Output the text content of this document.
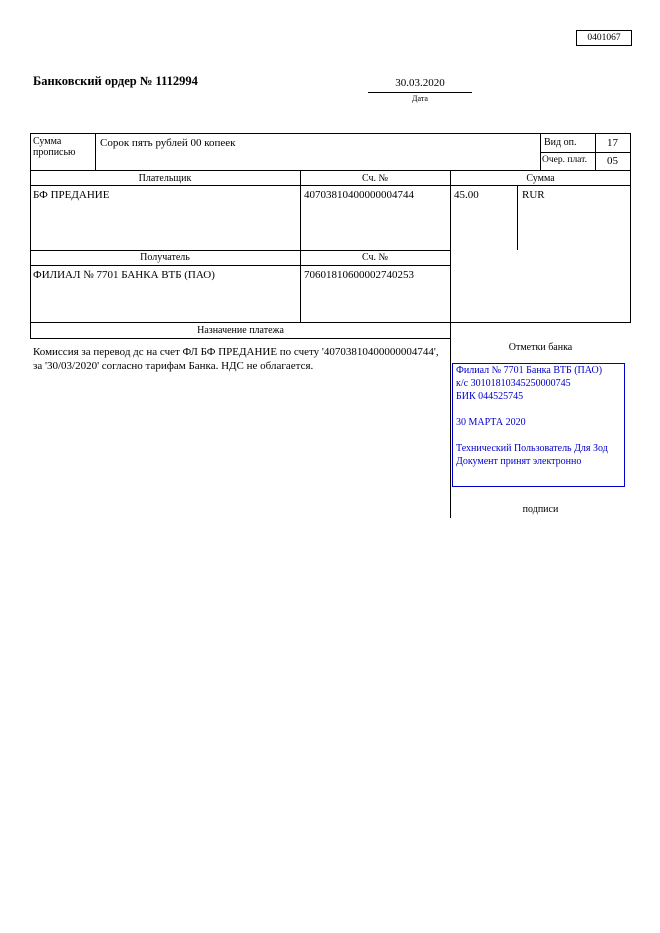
0401067
Банковский ордер № 1112994	30.03.2020
Дата
Сумма прописью
Сорок пять рублей 00 копеек	Вид оп.	17
Очер. плат.	05
Плательщик	Сч. №	Сумма
БФ ПРЕДАНИЕ	40703810400000004744	45.00	RUR
Получатель	Сч. №
ФИЛИАЛ № 7701 БАНКА ВТБ (ПАО)	70601810600002740253
Назначение платежа
Отметки банка
Комиссия за перевод дс на счет ФЛ БФ ПРЕДАНИЕ по счету '40703810400000004744', за '30/03/2020' согласно тарифам Банка. НДС не облагается.	Филиал № 7701 Банка ВТБ (ПАО)
к/с 30101810345250000745
БИК 044525745
30 МАРТА 2020
Технический Пользователь Для Зод
Документ принят электронно
подписи
